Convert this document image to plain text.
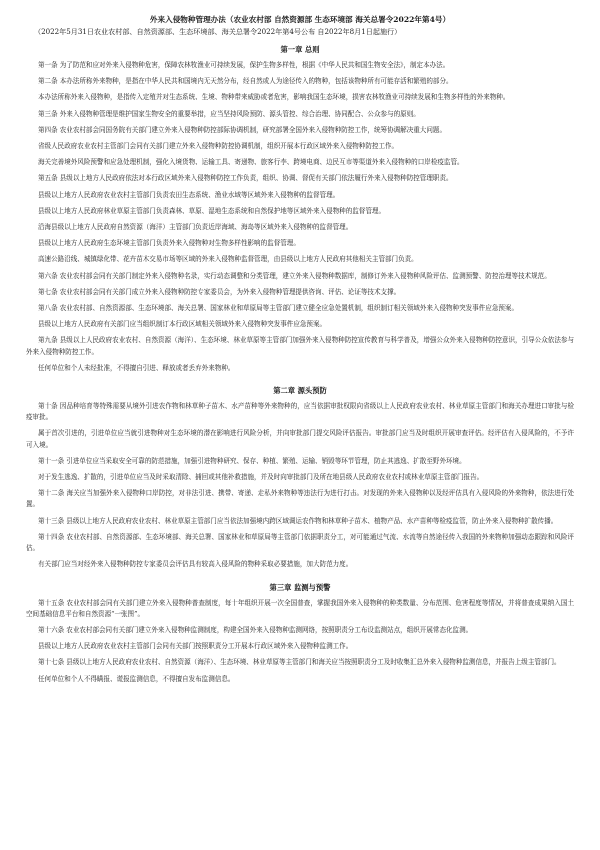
外来入侵物种管理办法（农业农村部 自然资源部 生态环境部 海关总署令2022年第4号）

（2022年5月31日农业农村部、自然资源部、生态环境部、海关总署令2022年第4号公布 自2022年8月1日起施行）

第一章 总则

第一条 为了防范和应对外来入侵物种危害，保障农林牧渔业可持续发展，保护生物多样性，根据《中华人民共和国生物安全法》，制定本办法。

第二条 本办法所称外来物种，是指在中华人民共和国境内无天然分布，经自然或人为途径传入的物种，包括该物种所有可能存活和繁殖的部分。

本办法所称外来入侵物种，是指传入定殖并对生态系统、生境、物种带来威胁或者危害，影响我国生态环境，损害农林牧渔业可持续发展和生物多样性的外来物种。

第三条 外来入侵物种管理是维护国家生物安全的重要举措，应当坚持风险预防、源头管控、综合治理、协同配合、公众参与的原则。

第四条 农业农村部会同国务院有关部门建立外来入侵物种防控部际协调机制，研究部署全国外来入侵物种防控工作，统筹协调解决重大问题。

省级人民政府农业农村主管部门会同有关部门建立外来入侵物种防控协调机制，组织开展本行政区域外来入侵物种防控工作。

海关完善境外风险预警和应急处理机制，强化入境货物、运输工具、寄递物、旅客行李、跨境电商、边民互市等渠道外来入侵物种的口岸检疫监管。

第五条 县级以上地方人民政府依法对本行政区域外来入侵物种防控工作负责，组织、协调、督促有关部门依法履行外来入侵物种防控管理职责。

县级以上地方人民政府农业农村主管部门负责农田生态系统、渔业水域等区域外来入侵物种的监督管理。

县级以上地方人民政府林业草原主管部门负责森林、草原、湿地生态系统和自然保护地等区域外来入侵物种的监督管理。

沿海县级以上地方人民政府自然资源（海洋）主管部门负责近岸海域、海岛等区域外来入侵物种的监督管理。

县级以上地方人民政府生态环境主管部门负责外来入侵物种对生物多样性影响的监督管理。

高速公路沿线、城镇绿化带、花卉苗木交易市场等区域的外来入侵物种监督管理，由县级以上地方人民政府其他相关主管部门负责。

第六条 农业农村部会同有关部门制定外来入侵物种名录，实行动态调整和分类管理，建立外来入侵物种数据库，制修订外来入侵物种风险评估、监测预警、防控治理等技术规范。

第七条 农业农村部会同有关部门成立外来入侵物种防控专家委员会，为外来入侵物种管理提供咨询、评估、论证等技术支撑。

第八条 农业农村部、自然资源部、生态环境部、海关总署、国家林业和草原局等主管部门建立健全应急处置机制，组织制订相关领域外来入侵物种突发事件应急预案。

县级以上地方人民政府有关部门应当组织制订本行政区域相关领域外来入侵物种突发事件应急预案。

第九条 县级以上人民政府农业农村、自然资源（海洋）、生态环境、林业草原等主管部门加强外来入侵物种防控宣传教育与科学普及，增强公众外来入侵物种防控意识，引导公众依法参与外来入侵物种防控工作。

任何单位和个人未经批准，不得擅自引进、释放或者丢弃外来物种。

第二章 源头预防

第十条 因品种培育等特殊需要从境外引进农作物和林草种子苗木、水产苗种等外来物种的，应当依据审批权限向省级以上人民政府农业农村、林业草原主管部门和海关办理进口审批与检疫审批。

属于首次引进的，引进单位应当就引进物种对生态环境的潜在影响进行风险分析，并向审批部门提交风险评估报告。审批部门应当及时组织开展审查评估。经评估有入侵风险的，不予许可入境。

第十一条 引进单位应当采取安全可靠的防范措施，加强引进物种研究、保存、种植、繁殖、运输、销毁等环节管理，防止其逃逸、扩散至野外环境。

对于发生逃逸、扩散的，引进单位应当及时采取清除、捕回或其他补救措施，并及时向审批部门及所在地县级人民政府农业农村或林业草原主管部门报告。

第十二条 海关应当加强外来入侵物种口岸防控，对非法引进、携带、寄递、走私外来物种等违法行为进行打击。对发现的外来入侵物种以及经评估具有入侵风险的外来物种，依法进行处置。

第十三条 县级以上地方人民政府农业农村、林业草原主管部门应当依法加强境内跨区域调运农作物和林草种子苗木、植物产品、水产苗种等检疫监管，防止外来入侵物种扩散传播。

第十四条 农业农村部、自然资源部、生态环境部、海关总署、国家林业和草原局等主管部门依据职责分工，对可能通过气流、水流等自然途径传入我国的外来物种加强动态跟踪和风险评估。

有关部门应当对经外来入侵物种防控专家委员会评估具有较高入侵风险的物种采取必要措施，加大防范力度。

第三章 监测与预警

第十五条 农业农村部会同有关部门建立外来入侵物种普查制度，每十年组织开展一次全国普查，掌握我国外来入侵物种的种类数量、分布范围、危害程度等情况，并将普查成果纳入国土空间基础信息平台和自然资源“一张图”。

第十六条 农业农村部会同有关部门建立外来入侵物种监测制度，构建全国外来入侵物种监测网络，按照职责分工布设监测站点，组织开展常态化监测。

县级以上地方人民政府农业农村主管部门会同有关部门按照职责分工开展本行政区域外来入侵物种监测工作。

第十七条 县级以上地方人民政府农业农村、自然资源（海洋）、生态环境、林业草原等主管部门和海关应当按照职责分工及时收集汇总外来入侵物种监测信息，并报告上级主管部门。

任何单位和个人不得瞒报、谎报监测信息，不得擅自发布监测信息。
